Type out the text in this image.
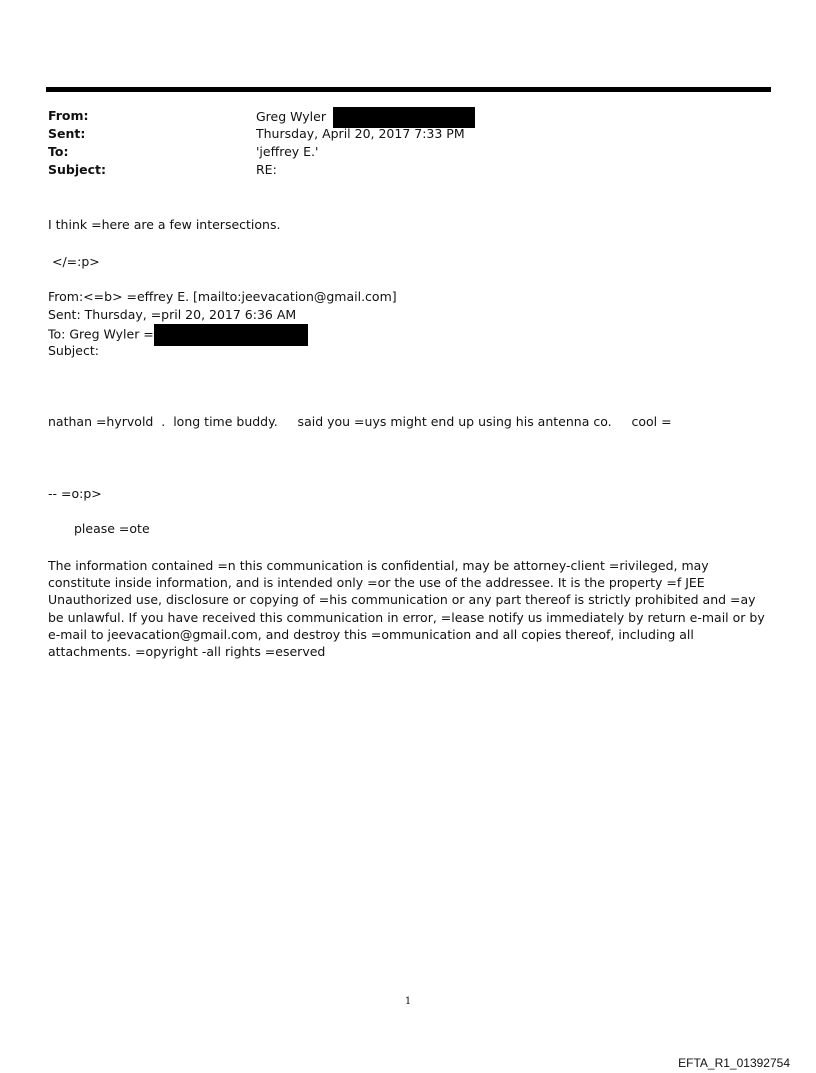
From:	Greg Wyler
Sent:	Thursday, April 20, 2017 7:33 PM
To:	'jeffrey E.'
Subject:	RE:
I think =here are a few intersections.
</=:p>
From:<=b> =effrey E. [mailto:jeevacation@gmail.com]
Sent: Thursday, =pril 20, 2017 6:36 AM
To: Greg Wyler =
Subject:
nathan =hyrvold  .  long time buddy.     said you =uys might end up using his antenna co.     cool =
-- =o:p>
please =ote
The information contained =n this communication is confidential, may be attorney-client =rivileged, may constitute inside information, and is intended only =or the use of the addressee. It is the property =f JEE Unauthorized use, disclosure or copying of =his communication or any part thereof is strictly prohibited and =ay be unlawful. If you have received this communication in error, =lease notify us immediately by return e-mail or by e-mail to jeevacation@gmail.com, and destroy this =ommunication and all copies thereof, including all attachments. =opyright -all rights =eserved
1
EFTA_R1_01392754
